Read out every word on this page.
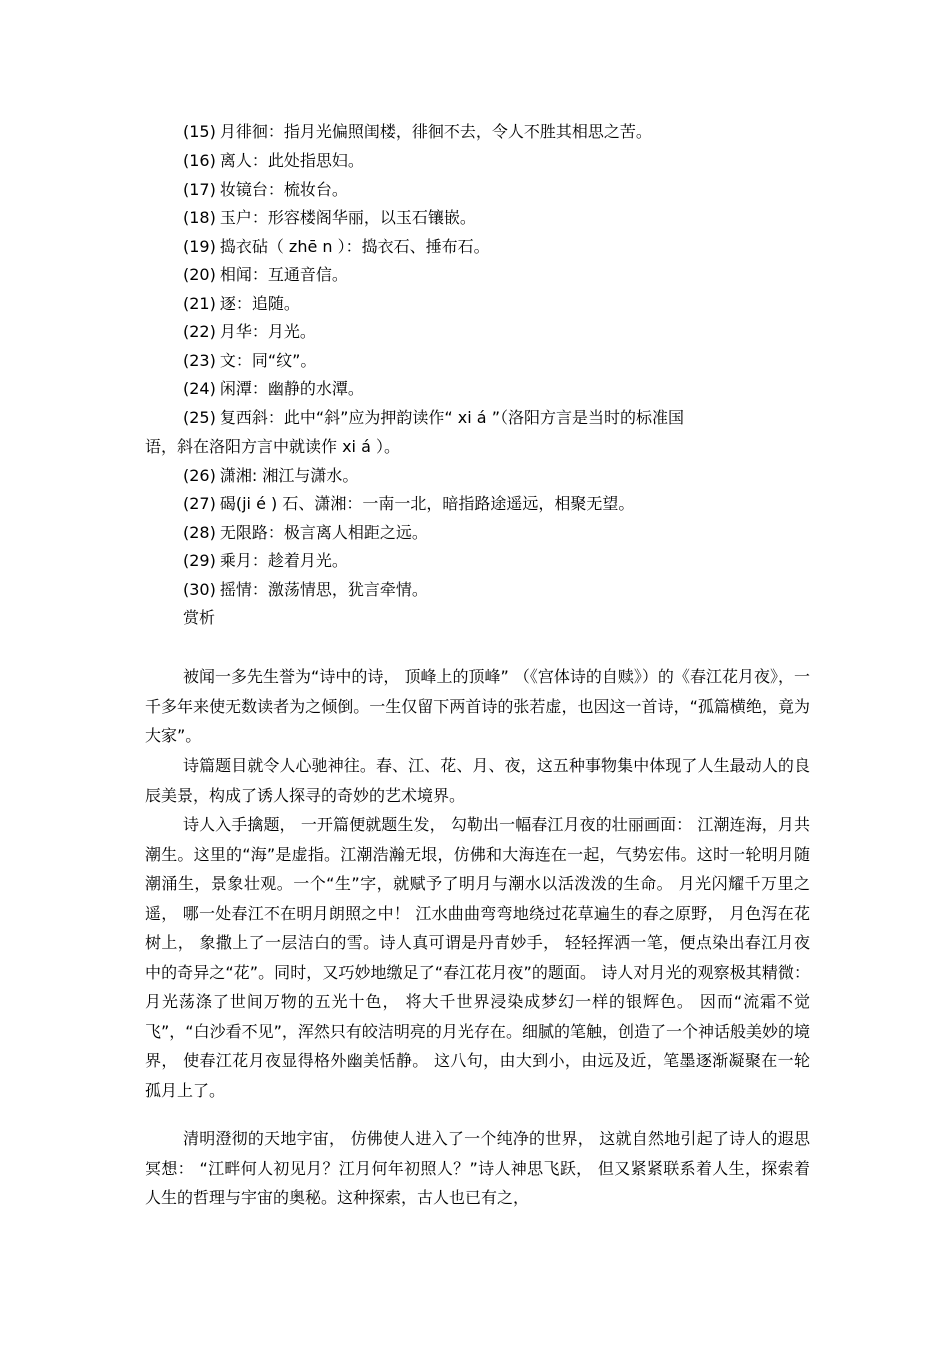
(15) 月徘徊：指月光偏照闺楼，徘徊不去，令人不胜其相思之苦。
(16) 离人：此处指思妇。
(17) 妆镜台：梳妆台。
(18) 玉户：形容楼阁华丽，以玉石镶嵌。
(19) 捣衣砧（ zhē n ）：捣衣石、捶布石。
(20) 相闻：互通音信。
(21) 逐：追随。
(22) 月华：月光。
(23) 文：同“纹”。
(24) 闲潭：幽静的水潭。
(25) 复西斜：此中“斜”应为押韵读作“ xi á ”（洛阳方言是当时的标准国
语，斜在洛阳方言中就读作 xi á ）。
(26) 潇湘: 湘江与潇水。
(27) 碣(ji é ) 石、潇湘：一南一北，暗指路途遥远，相聚无望。
(28) 无限路：极言离人相距之远。
(29) 乘月：趁着月光。
(30) 摇情：激荡情思，犹言牵情。
赏析

被闻一多先生誉为“诗中的诗， 顶峰上的顶峰” （《宫体诗的自赎》）的《春江花月夜》，一千多年来使无数读者为之倾倒。一生仅留下两首诗的张若虚，也因这一首诗，“孤篇横绝，竟为大家”。

诗篇题目就令人心驰神往。春、江、花、月、夜，这五种事物集中体现了人生最动人的良辰美景，构成了诱人探寻的奇妙的艺术境界。

诗人入手擒题， 一开篇便就题生发， 勾勒出一幅春江月夜的壮丽画面： 江潮连海，月共潮生。这里的“海”是虚指。江潮浩瀚无垠，仿佛和大海连在一起，气势宏伟。这时一轮明月随潮涌生，景象壮观。一个“生”字，就赋予了明月与潮水以活泼泼的生命。 月光闪耀千万里之遥， 哪一处春江不在明月朗照之中！ 江水曲曲弯弯地绕过花草遍生的春之原野， 月色泻在花树上， 象撒上了一层洁白的雪。诗人真可谓是丹青妙手， 轻轻挥洒一笔，便点染出春江月夜中的奇异之“花”。同时，又巧妙地缴足了“春江花月夜”的题面。 诗人对月光的观察极其精微： 月光荡涤了世间万物的五光十色， 将大千世界浸染成梦幻一样的银辉色。 因而“流霜不觉飞”，“白沙看不见”，浑然只有皎洁明亮的月光存在。细腻的笔触，创造了一个神话般美妙的境界， 使春江花月夜显得格外幽美恬静。 这八句，由大到小，由远及近，笔墨逐渐凝聚在一轮孤月上了。

清明澄彻的天地宇宙， 仿佛使人进入了一个纯净的世界， 这就自然地引起了诗人的遐思冥想： “江畔何人初见月？江月何年初照人？”诗人神思飞跃， 但又紧紧联系着人生，探索着人生的哲理与宇宙的奥秘。这种探索，古人也已有之，
